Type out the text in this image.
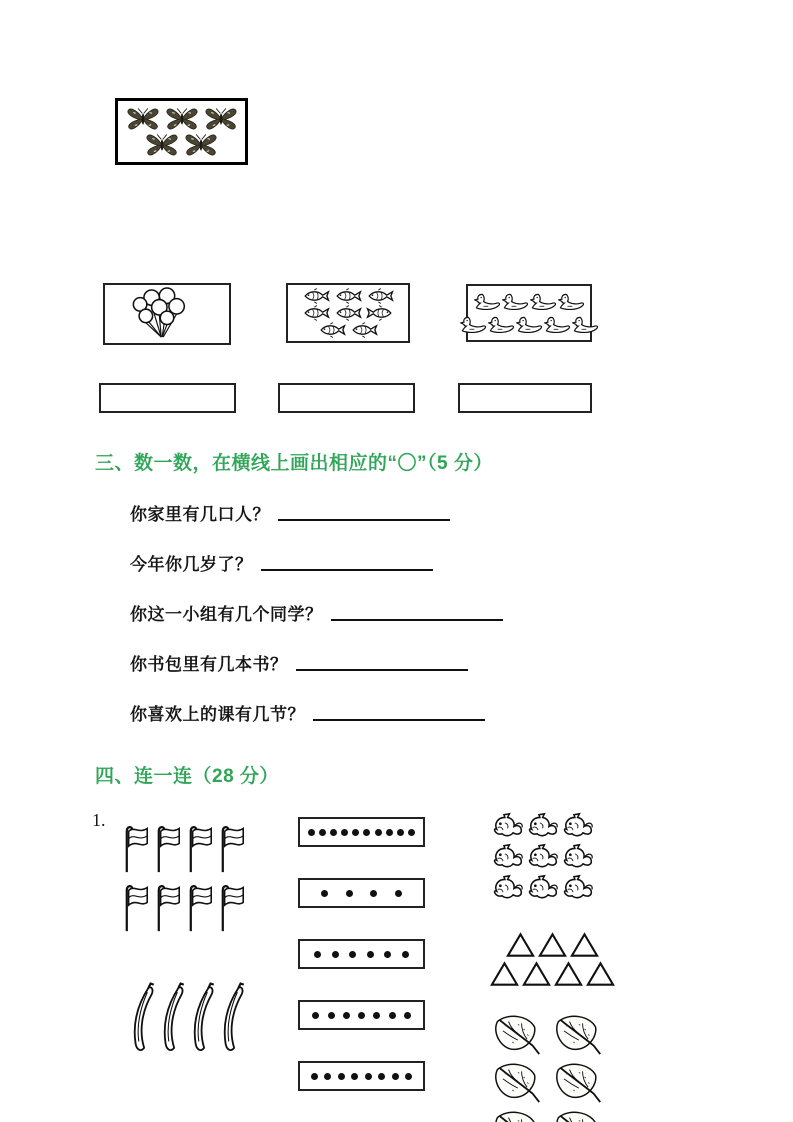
三、数一数，在横线上画出相应的“〇”（5 分）
你家里有几口人？
今年你几岁了？
你这一小组有几个同学？
你书包里有几本书？
你喜欢上的课有几节？
四、连一连（28 分）
1.
